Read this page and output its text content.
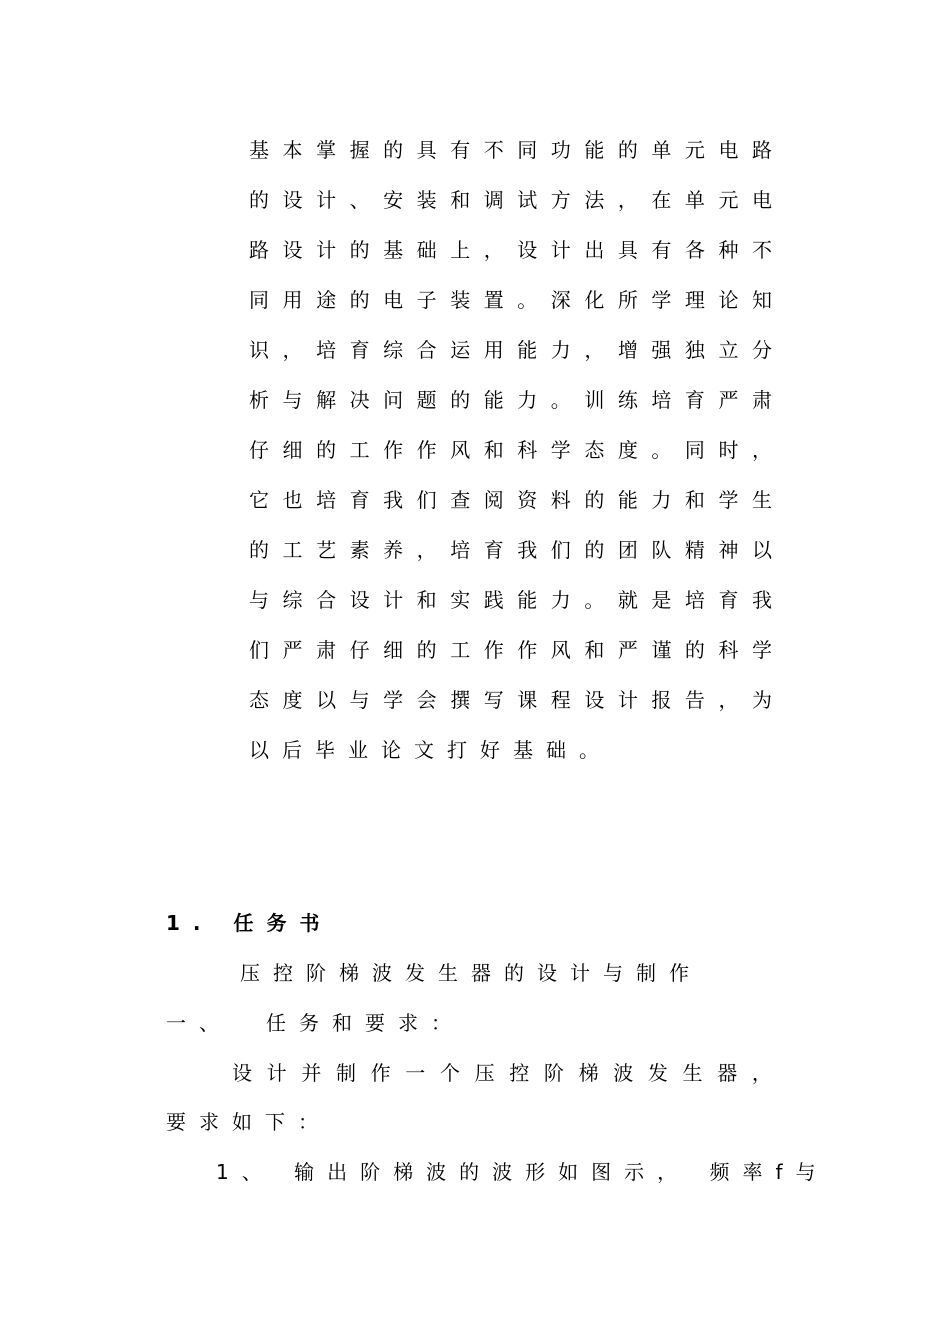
基 本 掌 握 的 具 有 不 同 功 能 的 单 元 电 路
的 设 计 、 安 装 和 调 试 方 法 ， 在 单 元 电
路 设 计 的 基 础 上 ， 设 计 出 具 有 各 种 不
同 用 途 的 电 子 装 置 。 深 化 所 学 理 论 知
识 ， 培 育 综 合 运 用 能 力 ， 增 强 独 立 分
析 与 解 决 问 题 的 能 力 。 训 练 培 育 严 肃
仔 细 的 工 作 作 风 和 科 学 态 度 。 同 时 ，
它 也 培 育 我 们 查 阅 资 料 的 能 力 和 学 生
的 工 艺 素 养 ， 培 育 我 们 的 团 队 精 神 以
与 综 合 设 计 和 实 践 能 力 。 就 是 培 育 我
们 严 肃 仔 细 的 工 作 作 风 和 严 谨 的 科 学
态 度 以 与 学 会 撰 写 课 程 设 计 报 告 ， 为
以后毕业论文打好基础。
1. 任务书
压控阶梯波发生器的设计与制作
一、 任务和要求：
设 计 并 制 作 一 个 压 控 阶 梯 波 发 生 器 ，
要求如下：
1、 输出阶梯波的波形如图示， 频率f与
